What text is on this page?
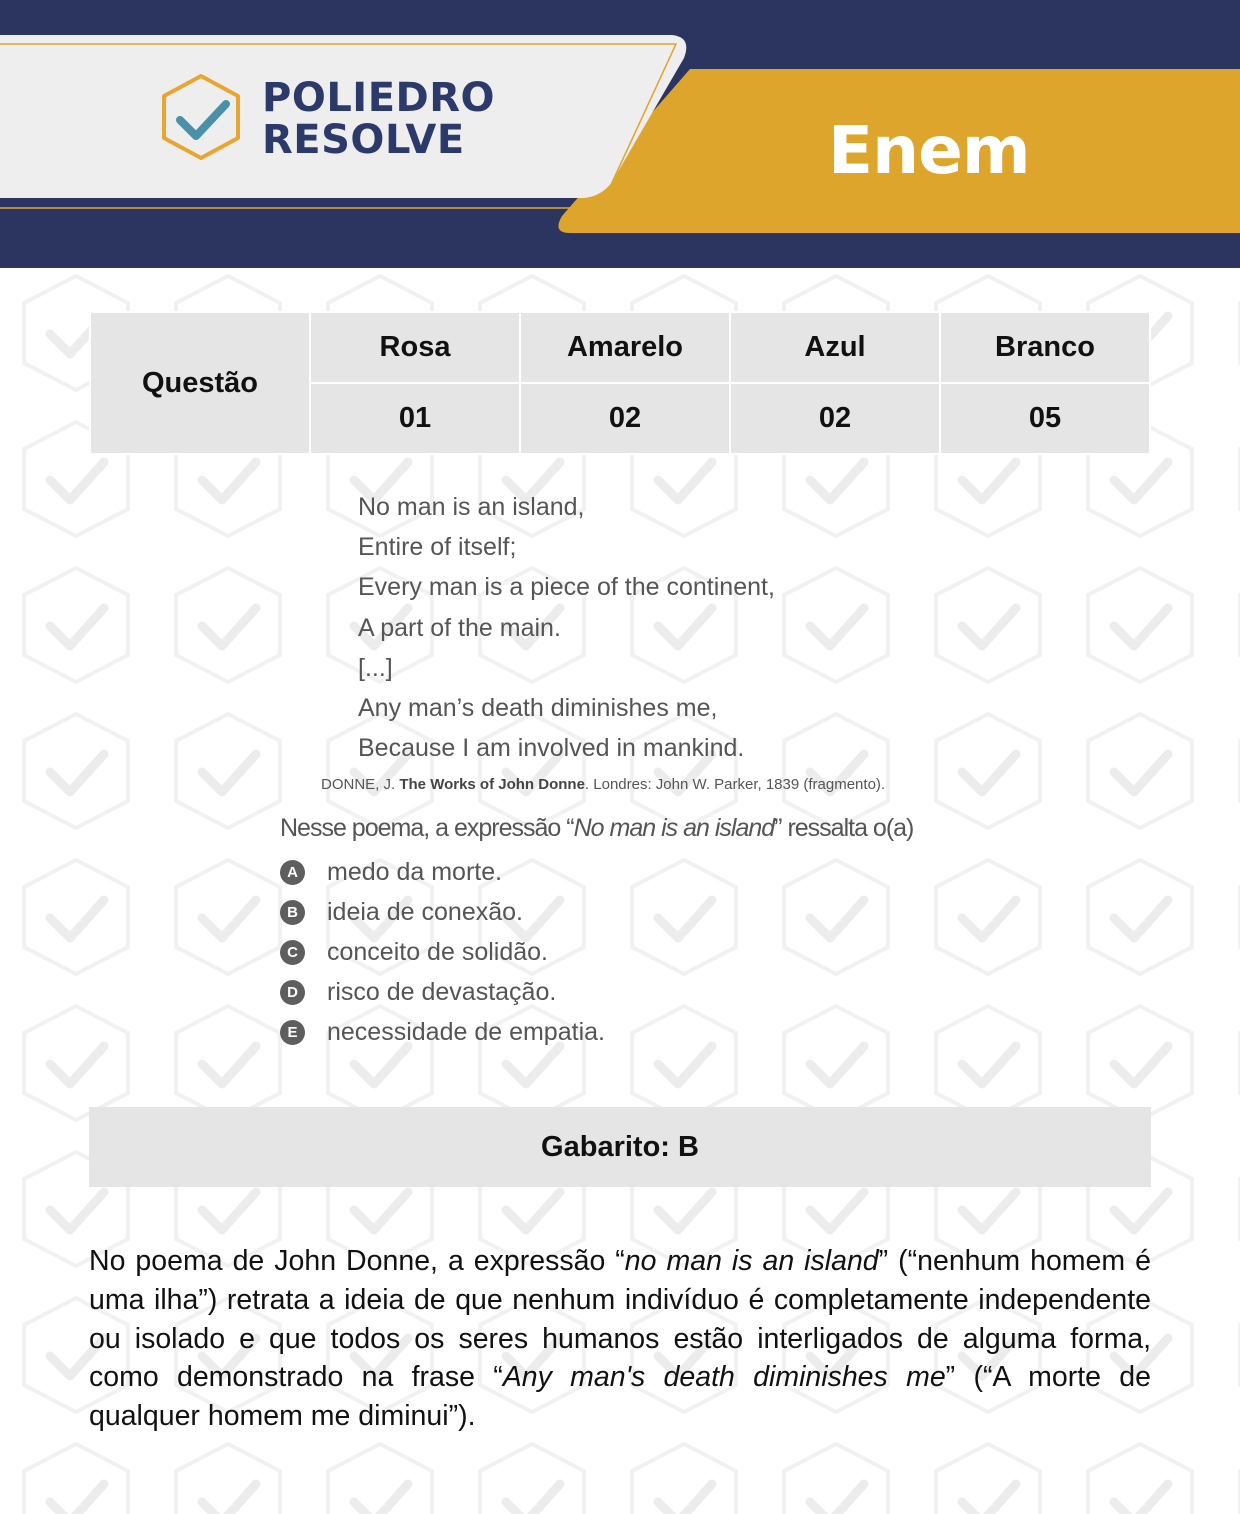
POLIEDRO
RESOLVE	Enem
Questão	Rosa	Amarelo	Azul	Branco
	01	02	02	05
No man is an island,
Entire of itself;
Every man is a piece of the continent,
A part of the main.
[...]
Any man’s death diminishes me,
Because I am involved in mankind.
DONNE, J. The Works of John Donne. Londres: John W. Parker, 1839 (fragmento).
Nesse poema, a expressão “No man is an island” ressalta o(a)
A medo da morte.
B ideia de conexão.
C conceito de solidão.
D risco de devastação.
E	necessidade de empatia.
Gabarito: B

No poema de John Donne, a expressão “no man is an island” (“nenhum homem é uma ilha”) retrata a ideia de que nenhum indivíduo é completamente independente ou isolado e que todos os seres humanos estão interligados de alguma forma, como demonstrado na frase “Any man's death diminishes me” (“A morte de qualquer homem me diminui”).
